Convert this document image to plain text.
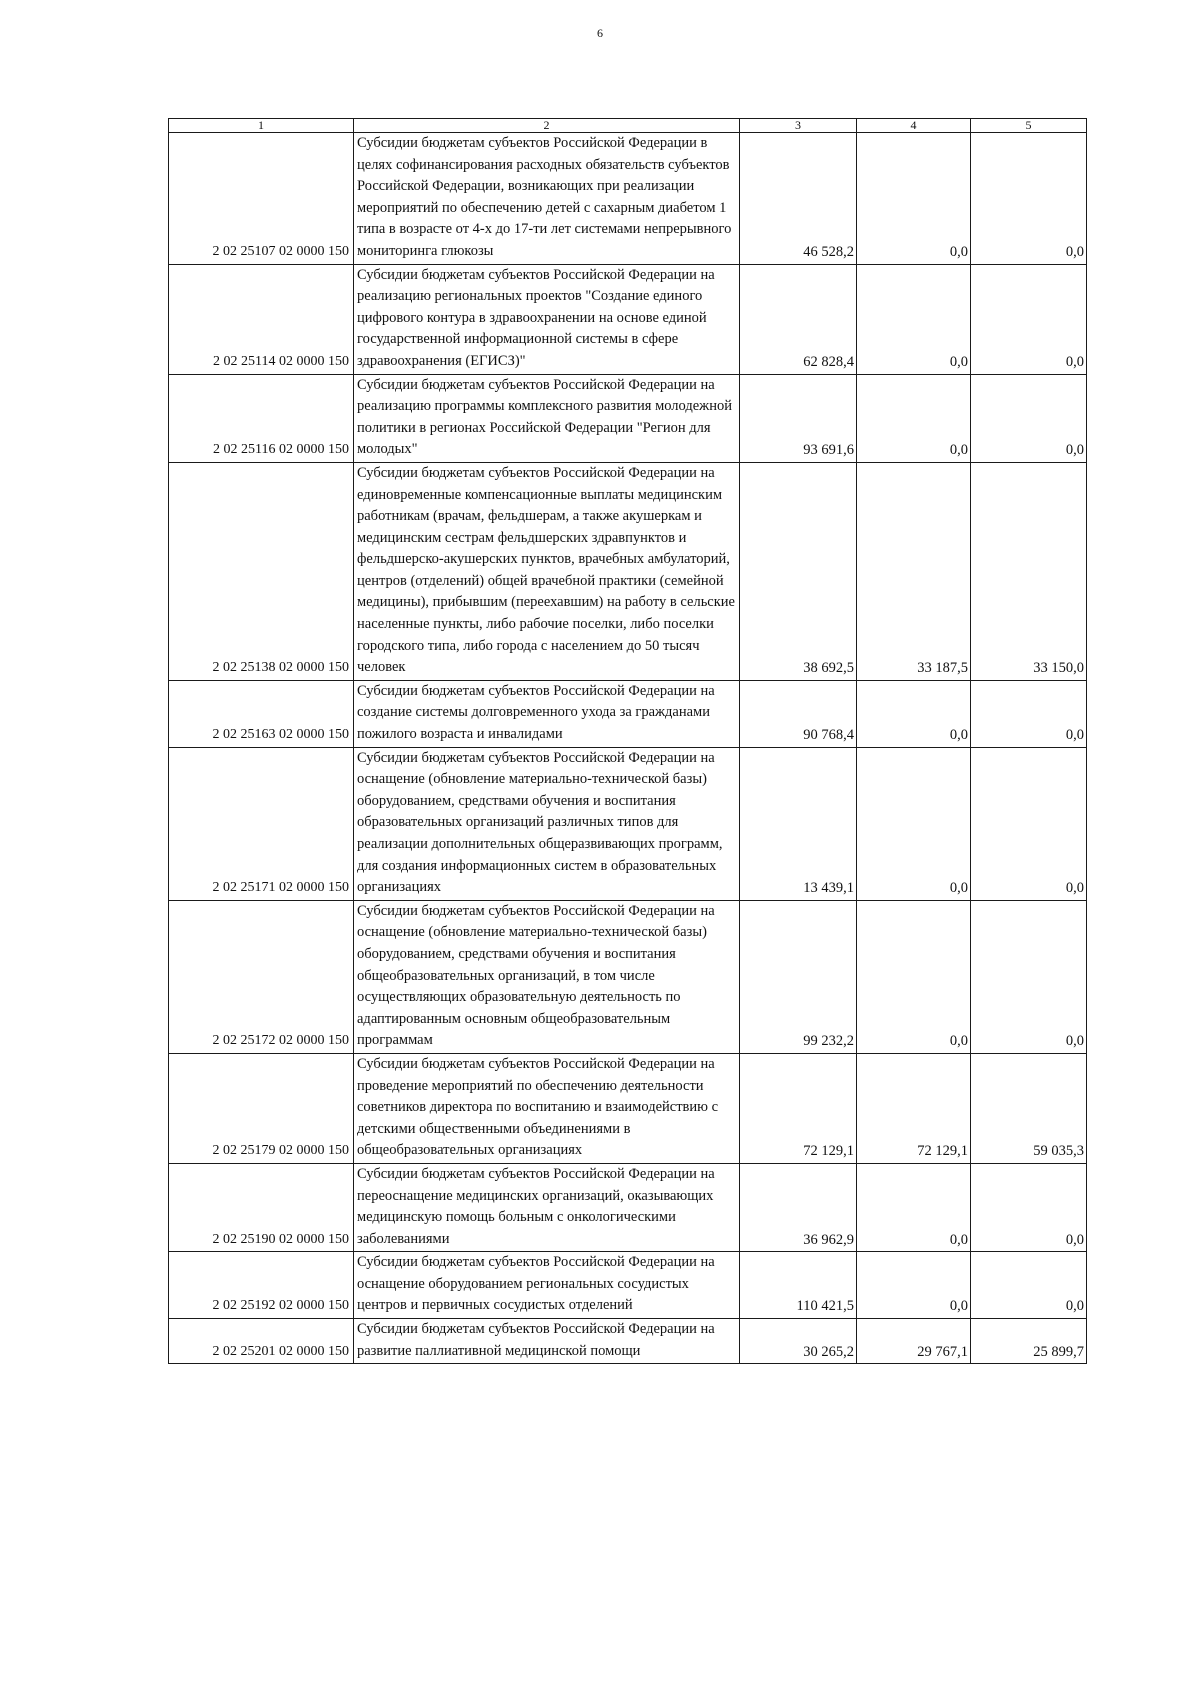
6
1	2	3	4	5
2 02 25107 02 0000 150	Субсидии бюджетам субъектов Российской Федерации в целях софинансирования расходных обязательств субъектов Российской Федерации, возникающих при реализации мероприятий по обеспечению детей с сахарным диабетом 1 типа в возрасте от 4-х до 17-ти лет системами непрерывного мониторинга глюкозы	46 528,2	0,0	0,0
2 02 25114 02 0000 150	Субсидии бюджетам субъектов Российской Федерации на реализацию региональных проектов "Создание единого цифрового контура в здравоохранении на основе единой государственной информационной системы в сфере здравоохранения (ЕГИСЗ)"	62 828,4	0,0	0,0
2 02 25116 02 0000 150	Субсидии бюджетам субъектов Российской Федерации на реализацию программы комплексного развития молодежной политики в регионах Российской Федерации "Регион для молодых"	93 691,6	0,0	0,0
2 02 25138 02 0000 150	Субсидии бюджетам субъектов Российской Федерации на единовременные компенсационные выплаты медицинским работникам (врачам, фельдшерам, а также акушеркам и медицинским сестрам фельдшерских здравпунктов и фельдшерско-акушерских пунктов, врачебных амбулаторий, центров (отделений) общей врачебной практики (семейной медицины), прибывшим (переехавшим) на работу в сельские населенные пункты, либо рабочие поселки, либо поселки городского типа, либо города с населением до 50 тысяч человек	38 692,5	33 187,5	33 150,0
2 02 25163 02 0000 150	Субсидии бюджетам субъектов Российской Федерации на создание системы долговременного ухода за гражданами пожилого возраста и инвалидами	90 768,4	0,0	0,0
2 02 25171 02 0000 150	Субсидии бюджетам субъектов Российской Федерации на оснащение (обновление материально-технической базы) оборудованием, средствами обучения и воспитания образовательных организаций различных типов для реализации дополнительных общеразвивающих программ, для создания информационных систем в образовательных организациях	13 439,1	0,0	0,0
2 02 25172 02 0000 150	Субсидии бюджетам субъектов Российской Федерации на оснащение (обновление материально-технической базы) оборудованием, средствами обучения и воспитания общеобразовательных организаций, в том числе осуществляющих образовательную деятельность по адаптированным основным общеобразовательным программам	99 232,2	0,0	0,0
2 02 25179 02 0000 150	Субсидии бюджетам субъектов Российской Федерации на проведение мероприятий по обеспечению деятельности советников директора по воспитанию и взаимодействию с детскими общественными объединениями в общеобразовательных организациях	72 129,1	72 129,1	59 035,3
2 02 25190 02 0000 150	Субсидии бюджетам субъектов Российской Федерации на переоснащение медицинских организаций, оказывающих медицинскую помощь больным с онкологическими заболеваниями	36 962,9	0,0	0,0
2 02 25192 02 0000 150	Субсидии бюджетам субъектов Российской Федерации на оснащение оборудованием региональных сосудистых центров и первичных сосудистых отделений	110 421,5	0,0	0,0
2 02 25201 02 0000 150	Субсидии бюджетам субъектов Российской Федерации на развитие паллиативной медицинской помощи	30 265,2	29 767,1	25 899,7
